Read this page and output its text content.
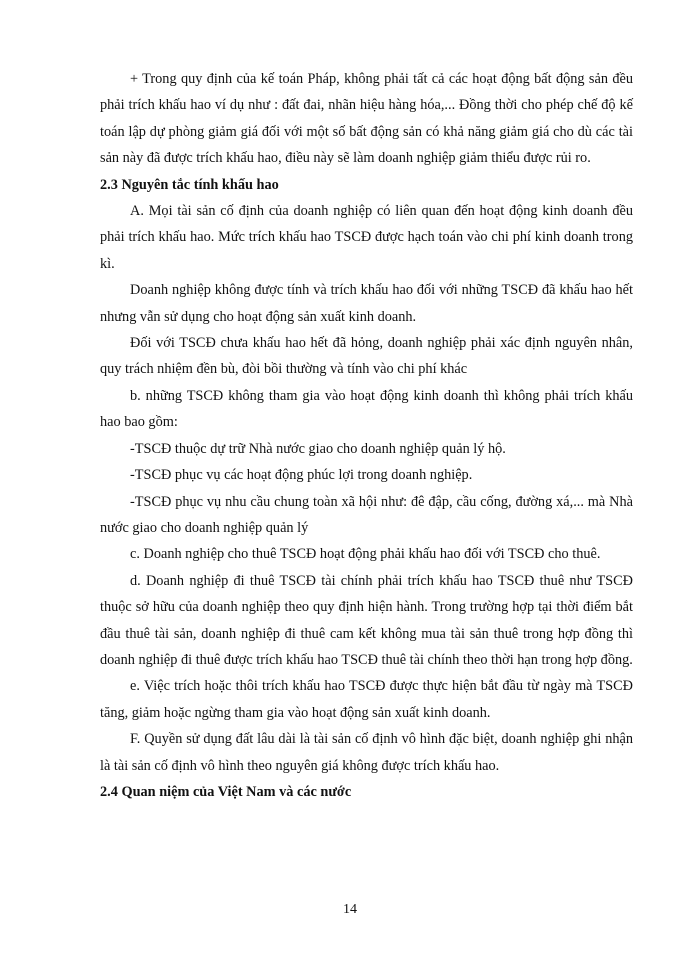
+ Trong quy định của kế toán Pháp, không phải tất cả các hoạt động bất động sản đều phải trích khấu hao ví dụ như : đất đai, nhãn hiệu hàng hóa,... Đồng thời cho phép chế độ kế toán lập dự phòng giảm giá đối với một số bất động sản có khả năng giảm giá cho dù các tài sản này đã được trích khấu hao, điều này sẽ làm doanh nghiệp giảm thiểu được rủi ro.

2.3 Nguyên tắc tính khấu hao

A. Mọi tài sản cố định của doanh nghiệp có liên quan đến hoạt động kinh doanh đều phải trích khấu hao. Mức trích khấu hao TSCĐ được hạch toán vào chi phí kinh doanh trong kì.

Doanh nghiệp không được tính và trích khấu hao đối với những TSCĐ đã khấu hao hết nhưng vẫn sử dụng cho hoạt động sản xuất kinh doanh.

Đối với TSCĐ chưa khấu hao hết đã hỏng, doanh nghiệp phải xác định nguyên nhân, quy trách nhiệm đền bù, đòi bồi thường và tính vào chi phí khác

b. những TSCĐ không tham gia vào hoạt động kinh doanh thì không phải trích khấu hao bao gồm:

-TSCĐ thuộc dự trữ Nhà nước giao cho doanh nghiệp quản lý hộ.

-TSCĐ phục vụ các hoạt động phúc lợi trong doanh nghiệp.

-TSCĐ phục vụ nhu cầu chung toàn xã hội như: đê đập, cầu cống, đường xá,... mà Nhà nước giao cho doanh nghiệp quản lý

c. Doanh nghiệp cho thuê TSCĐ hoạt động phải khấu hao đối với TSCĐ cho thuê.

d. Doanh nghiệp đi thuê TSCĐ tài chính phải trích khấu hao TSCĐ thuê như TSCĐ thuộc sở hữu của doanh nghiệp theo quy định hiện hành. Trong trường hợp tại thời điểm bắt đầu thuê tài sản, doanh nghiệp đi thuê cam kết không mua tài sản thuê trong hợp đồng thì doanh nghiệp đi thuê được trích khấu hao TSCĐ thuê tài chính theo thời hạn trong hợp đồng.

e. Việc trích hoặc thôi trích khấu hao TSCĐ được thực hiện bắt đầu từ ngày mà TSCĐ tăng, giảm hoặc ngừng tham gia vào hoạt động sản xuất kinh doanh.

F. Quyền sử dụng đất lâu dài là tài sản cố định vô hình đặc biệt, doanh nghiệp ghi nhận là tài sản cố định vô hình theo nguyên giá không được trích khấu hao.

2.4 Quan niệm của Việt Nam và các nước
14
